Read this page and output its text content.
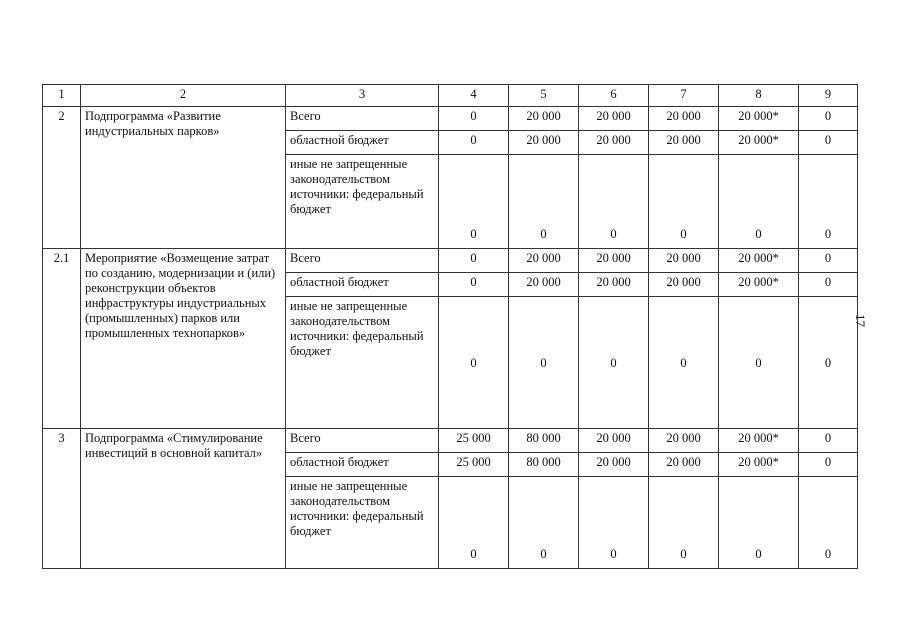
1	2	3	4	5	6	7	8	9
2	Подпрограмма «Развитие индустриальных парков»	Всего	0	20 000	20 000	20 000	20 000*	0
		областной бюджет	0	20 000	20 000	20 000	20 000*	0
		иные не запрещенные законодательством источники: федеральный бюджет	0	0	0	0	0	0
2.1	Мероприятие «Возмещение затрат по созданию, модернизации и (или) реконструкции объектов инфраструктуры индустриальных (промышленных) парков или промышленных технопарков»	Всего	0	20 000	20 000	20 000	20 000*	0
		областной бюджет	0	20 000	20 000	20 000	20 000*	0
		иные не запрещенные законодательством источники: федеральный бюджет	0	0	0	0	0	0
3	Подпрограмма «Стимулирование инвестиций в основной капитал»	Всего	25 000	80 000	20 000	20 000	20 000*	0
		областной бюджет	25 000	80 000	20 000	20 000	20 000*	0
		иные не запрещенные законодательством источники: федеральный бюджет	0	0	0	0	0	0
17
